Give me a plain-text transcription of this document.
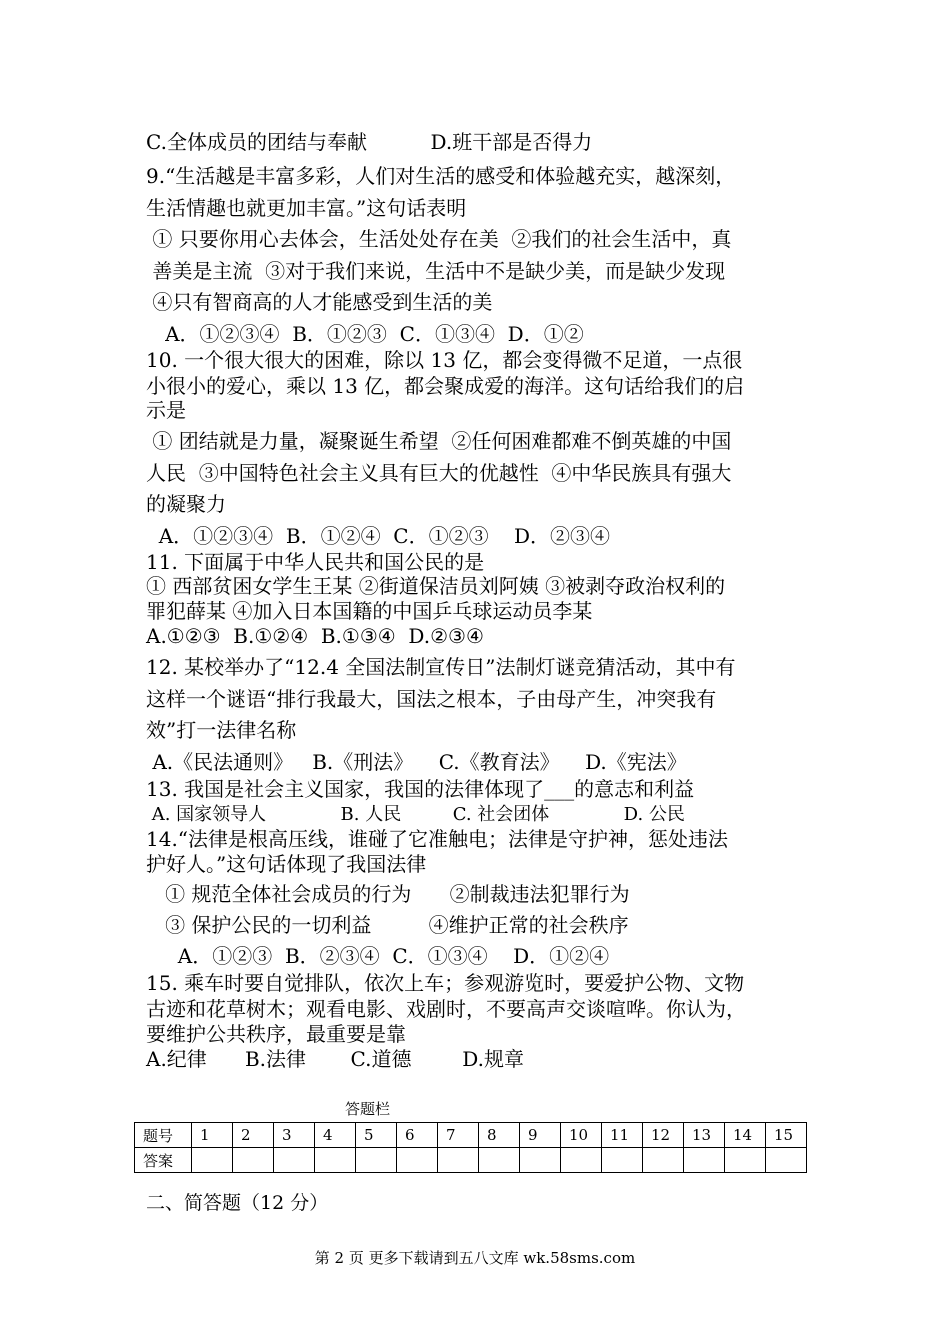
C.全体成员的团结与奉献          D.班干部是否得力
9.“生活越是丰富多彩，人们对生活的感受和体验越充实，越深刻，
生活情趣也就更加丰富。”这句话表明
① 只要你用心去体会，生活处处存在美  ②我们的社会生活中，真
善美是主流  ③对于我们来说，生活中不是缺少美，而是缺少发现
④只有智商高的人才能感受到生活的美
A．①②③④  B．①②③  C．①③④  D．①②
10. 一个很大很大的困难，除以 13 亿，都会变得微不足道，一点很
小很小的爱心，乘以 13 亿，都会聚成爱的海洋。这句话给我们的启
示是
① 团结就是力量，凝聚诞生希望  ②任何困难都难不倒英雄的中国
人民  ③中国特色社会主义具有巨大的优越性  ④中华民族具有强大
的凝聚力
A．①②③④  B．①②④  C．①②③    D．②③④
11. 下面属于中华人民共和国公民的是
① 西部贫困女学生王某 ②街道保洁员刘阿姨 ③被剥夺政治权利的
罪犯薛某 ④加入日本国籍的中国乒乓球运动员李某
A.①②③  B.①②④  B.①③④  D.②③④
12. 某校举办了“12.4 全国法制宣传日”法制灯谜竞猜活动，其中有
这样一个谜语“排行我最大，国法之根本，子由母产生，冲突我有
效”打一法律名称
A.《民法通则》   B.《刑法》    C.《教育法》    D.《宪法》
13. 我国是社会主义国家，我国的法律体现了___的意志和利益
A. 国家领导人             B. 人民         C. 社会团体             D. 公民
14.“法律是根高压线，谁碰了它准触电；法律是守护神，惩处违法
护好人。”这句话体现了我国法律
① 规范全体社会成员的行为      ②制裁违法犯罪行为
③ 保护公民的一切利益         ④维护正常的社会秩序
A．①②③  B．②③④  C．①③④    D．①②④
15. 乘车时要自觉排队，依次上车；参观游览时，要爱护公物、文物
古迹和花草树木；观看电影、戏剧时，不要高声交谈喧哗。你认为，
要维护公共秩序，最重要是靠
A.纪律      B.法律       C.道德        D.规章
答题栏
题号	1	2	3	4	5	6	7	8	9	10	11	12	13	14	15
答案															
二、简答题（12 分）
第 2 页 更多下载请到五八文库 wk.58sms.com
